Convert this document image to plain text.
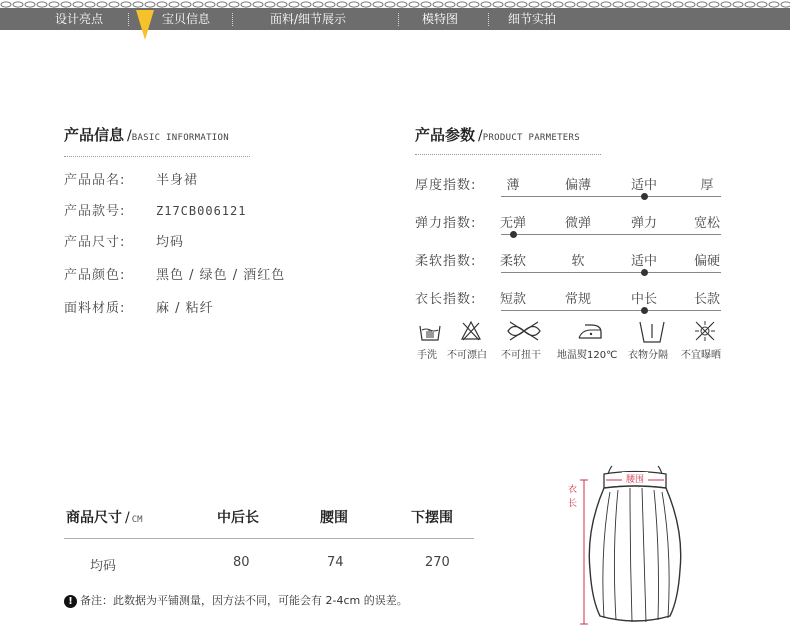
设计亮点	宝贝信息	面料/细节展示	模特图	细节实拍
产品信息 /BASIC INFORMATION
产品品名: 半身裙
产品款号:	Z17CB006121
产品尺寸: 均码
产品颜色: 黑色 / 绿色 / 酒红色
面料材质: 麻 / 粘纤
产品参数 /PRODUCT PARMETERS
厚度指数:	薄	偏薄	适中	厚
弹力指数:	无弹	微弹	弹力	宽松
柔软指数:	柔软	软	适中	偏硬
衣长指数:	短款	常规	中长	长款
手洗 不可漂白 不可扭干 地温熨120℃ 衣物分隔 不宜曝晒
商品尺寸 / CM	中后长	腰围	下摆围
均码	80	74	270
! 备注：此数据为平铺测量，因方法不同，可能会有 2-4cm 的误差。
腰围
衣 长
